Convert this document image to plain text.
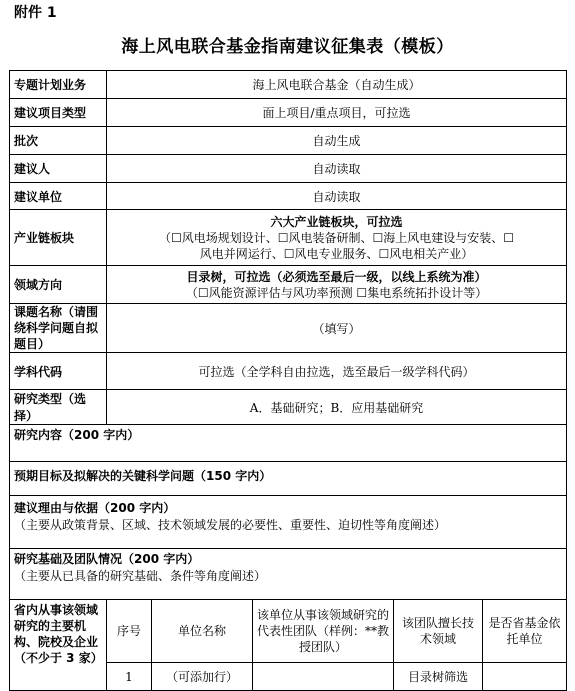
附件 1
海上风电联合基金指南建议征集表（模板）
专题计划业务	海上风电联合基金（自动生成）				
建议项目类型	面上项目/重点项目，可拉选				
批次	自动生成				
建议人	自动读取				
建议单位	自动读取				
产业链板块	六大产业链板块，可拉选
（☐风电场规划设计、☐风电装备研制、☐海上风电建设与安装、☐
风电并网运行、☐风电专业服务、☐风电相关产业）				

领域方向	目录树，可拉选（必须选至最后一级，以线上系统为准）
（☐风能资源评估与风功率预测 ☐集电系统拓扑设计等）				

课题名称（请围绕科学问题自拟题目）	（填写）				
学科代码	可拉选（全学科自由拉选，选至最后一级学科代码）				
研究类型（选择）	A．基础研究；B．应用基础研究				

研究内容（200 字内）					

预期目标及拟解决的关键科学问题（150 字内）					

建议理由与依据（200 字内）
（主要从政策背景、区域、技术领域发展的必要性、重要性、迫切性等角度阐述）					

研究基础及团队情况（200 字内）
（主要从已具备的研究基础、条件等角度阐述）					

省内从事该领域研究的主要机构、院校及企业（不少于 3 家）	序号	单位名称	该单位从事该领域研究的代表性团队（样例：**教授团队）	该团队擅长技术领域	是否省基金依托单位
	1	（可添加行）		目录树筛选	
